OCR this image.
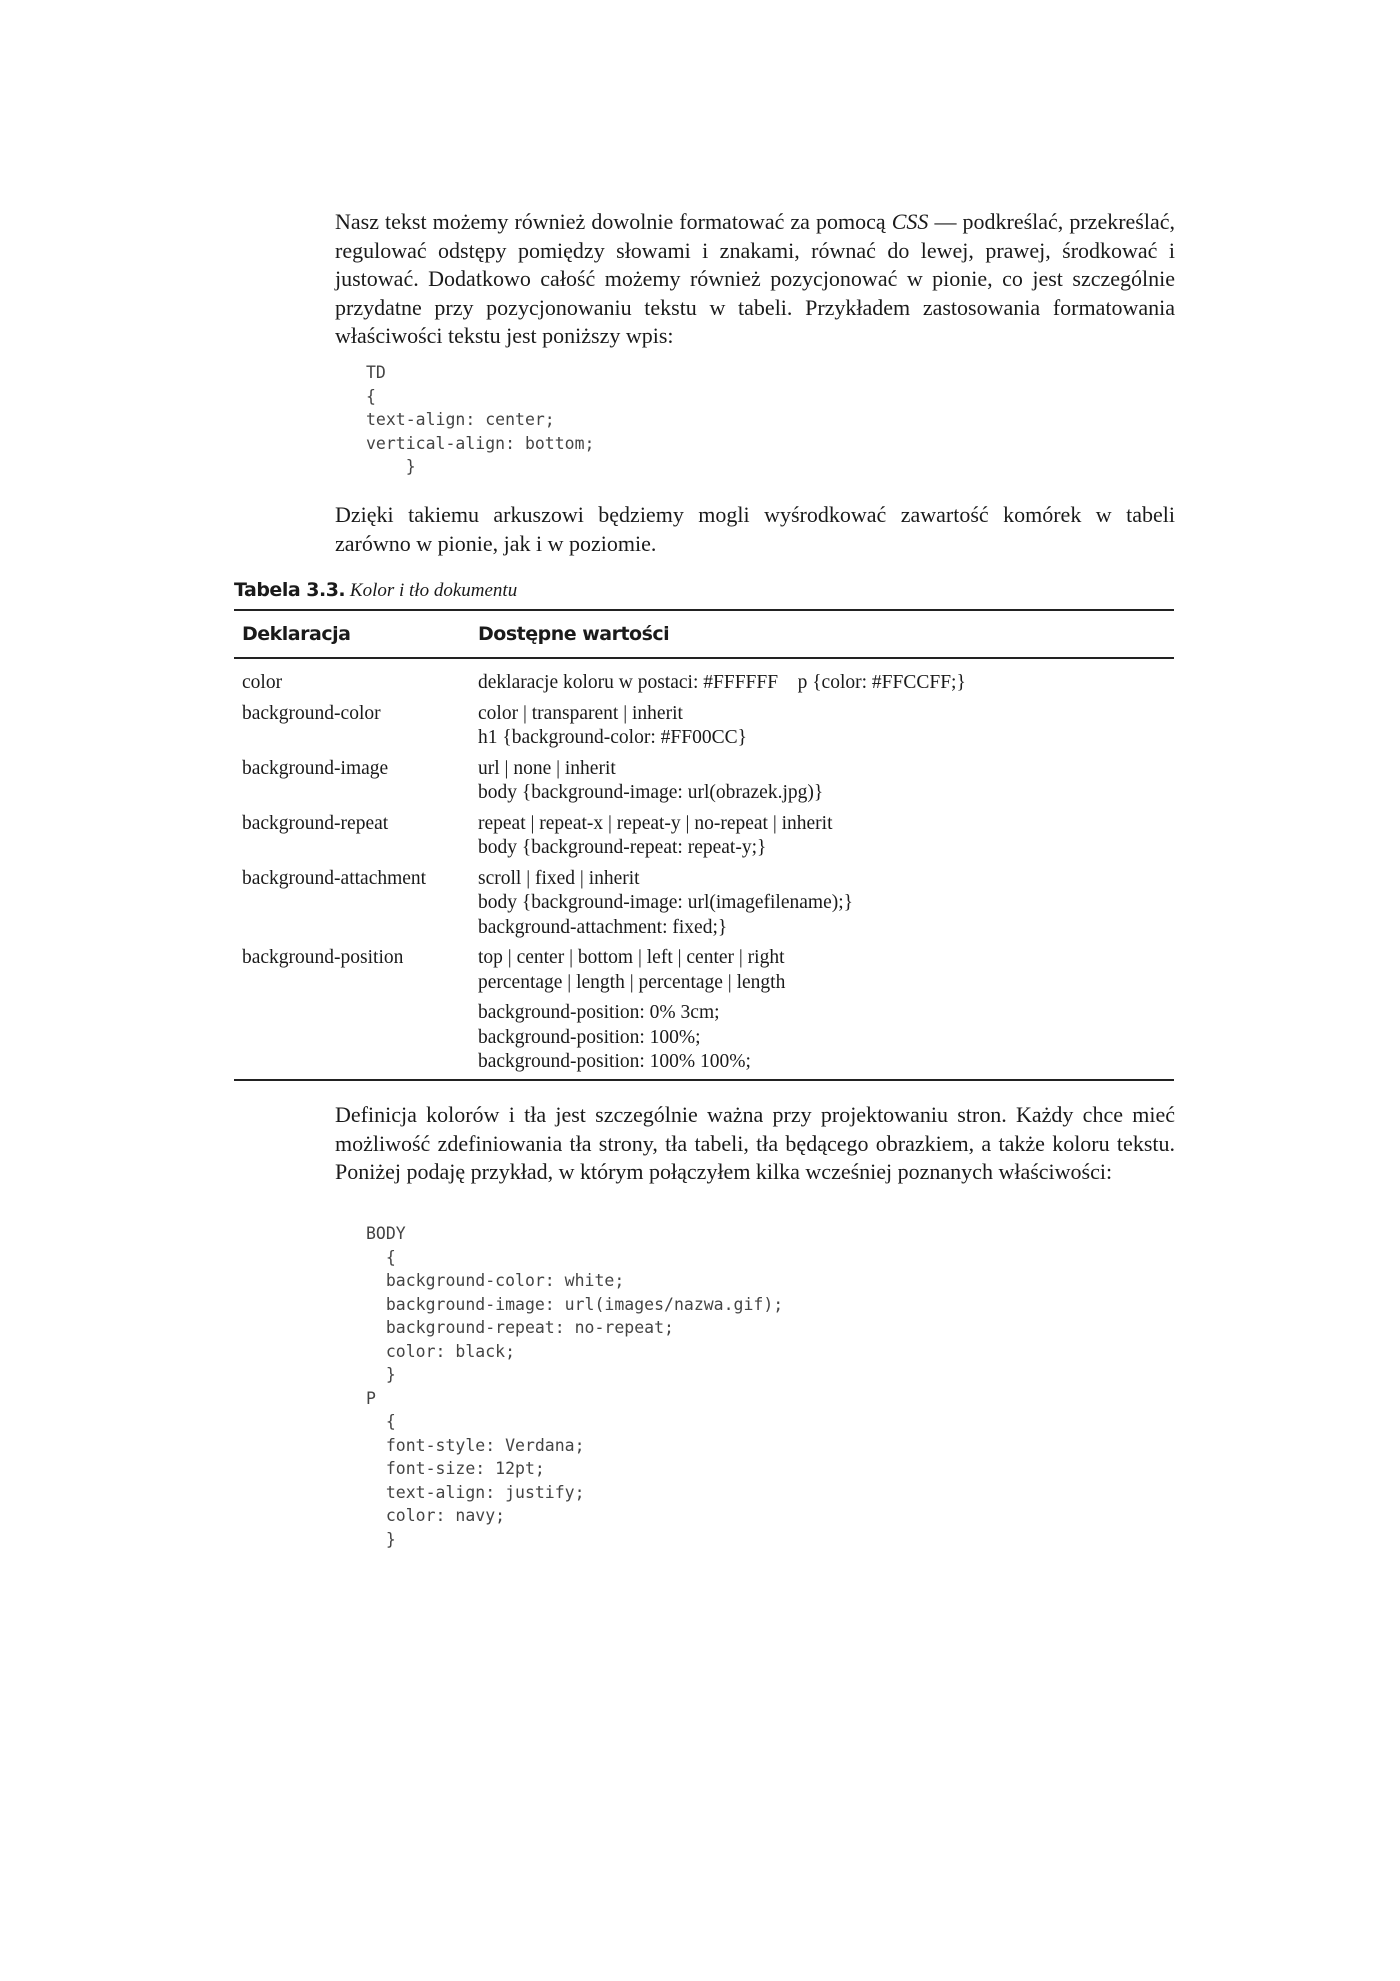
Nasz tekst możemy również dowolnie formatować za pomocą CSS — podkreślać, przekreślać, regulować odstępy pomiędzy słowami i znakami, równać do lewej, prawej, środkować i justować. Dodatkowo całość możemy również pozycjonować w pionie, co jest szczególnie przydatne przy pozycjonowaniu tekstu w tabeli. Przykładem zastosowania formatowania właściwości tekstu jest poniższy wpis:

TD
{
text-align: center;
vertical-align: bottom;
}

Dzięki takiemu arkuszowi będziemy mogli wyśrodkować zawartość komórek w tabeli zarówno w pionie, jak i w poziomie.

Tabela 3.3. Kolor i tło dokumentu
Deklaracja	Dostępne wartości
color	deklaracje koloru w postaci: #FFFFFF    p {color: #FFCCFF;}

background-color	color | transparent | inherit
h1 {background-color: #FF00CC}

background-image	url | none | inherit
body {background-image: url(obrazek.jpg)}

background-repeat	repeat | repeat-x | repeat-y | no-repeat | inherit
body {background-repeat: repeat-y;}

background-attachment	scroll | fixed | inherit
body {background-image: url(imagefilename);}
background-attachment: fixed;}

background-position	top | center | bottom | left | center | right
percentage | length | percentage | length
background-position: 0% 3cm;
background-position: 100%;
background-position: 100% 100%;

Definicja kolorów i tła jest szczególnie ważna przy projektowaniu stron. Każdy chce mieć możliwość zdefiniowania tła strony, tła tabeli, tła będącego obrazkiem, a także koloru tekstu. Poniżej podaję przykład, w którym połączyłem kilka wcześniej poznanych właściwości:

BODY
{
background-color: white;
background-image: url(images/nazwa.gif);
background-repeat: no-repeat;
color: black;
}
P
{
font-style: Verdana;
font-size: 12pt;
text-align: justify;
color: navy;
}
